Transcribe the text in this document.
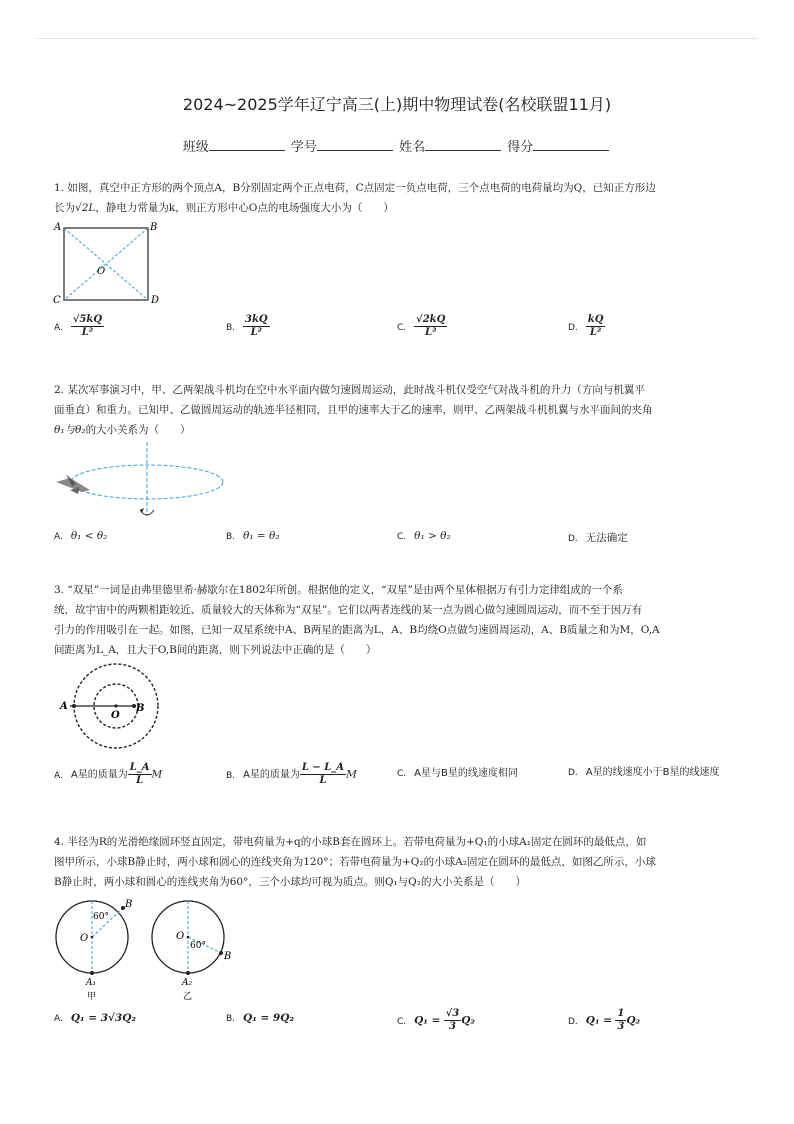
2024~2025学年辽宁高三(上)期中物理试卷(名校联盟11月)
班级	学号	姓名	得分
1. 如图，真空中正方形的两个顶点A，B分别固定两个正点电荷，C点固定一负点电荷，三个点电荷的电荷量均为Q，已知正方形边
长为√2L，静电力常量为k，则正方形中心O点的电场强度大小为（　　）
A	B
C	D
O
A. $\frac{√5kQ}{\text{L²}}$	B. $\frac{3kQ}{\text{L²}}$	C. $\frac{√2kQ}{\text{L²}}$	D. $\frac{kQ}{\text{L²}}$
2. 某次军事演习中，甲、乙两架战斗机均在空中水平面内做匀速圆周运动，此时战斗机仅受空气对战斗机的升力（方向与机翼平
面垂直）和重力。已知甲、乙做圆周运动的轨迹半径相同，且甲的速率大于乙的速率，则甲、乙两架战斗机机翼与水平面间的夹角
θ₁与θ₂的大小关系为（　　）
A. θ₁ < θ₂	B. θ₁ = θ₂	C. θ₁ > θ₂	D. 无法确定
3. “双星”一词是由弗里德里希·赫歇尔在1802年所创。根据他的定义，“双星”是由两个星体根据万有引力定律组成的一个系
统，故宇宙中的两颗相距较近、质量较大的天体称为“双星”。它们以两者连线的某一点为圆心做匀速圆周运动，而不至于因万有
引力的作用吸引在一起。如图，已知一双星系统中A、B两星的距离为L，A、B均绕O点做匀速圆周运动，A、B质量之和为M，O,A
间距离为L_A，且大于O,B间的距离，则下列说法中正确的是（　　）
A
O
B
A. A星的质量为 $\frac{L\_A}{L}$ M	B. A星的质量为 $\frac{L - L\_A}{L}$ M	C. A星与B星的线速度相同	D. A星的线速度小于B星的线速度
4. 半径为R的光滑绝缘圆环竖直固定，带电荷量为+q的小球B套在圆环上。若带电荷量为+Q₁的小球A₁固定在圆环的最低点，如
图甲所示，小球B静止时，两小球和圆心的连线夹角为120°；若带电荷量为+Q₂的小球A₂固定在圆环的最低点，如图乙所示，小球
B静止时，两小球和圆心的连线夹角为60°，三个小球均可视为质点。则Q₁与Q₂的大小关系是（　　）
60°
O
B
A₁
甲
60°
O
B
A₂
乙
A. Q₁ = 3√3Q₂	B. Q₁ = 9Q₂	C. $Q_1 = \frac{√3}{3} Q_2$	D. $Q_1 = \frac{1}{3} Q_2$
